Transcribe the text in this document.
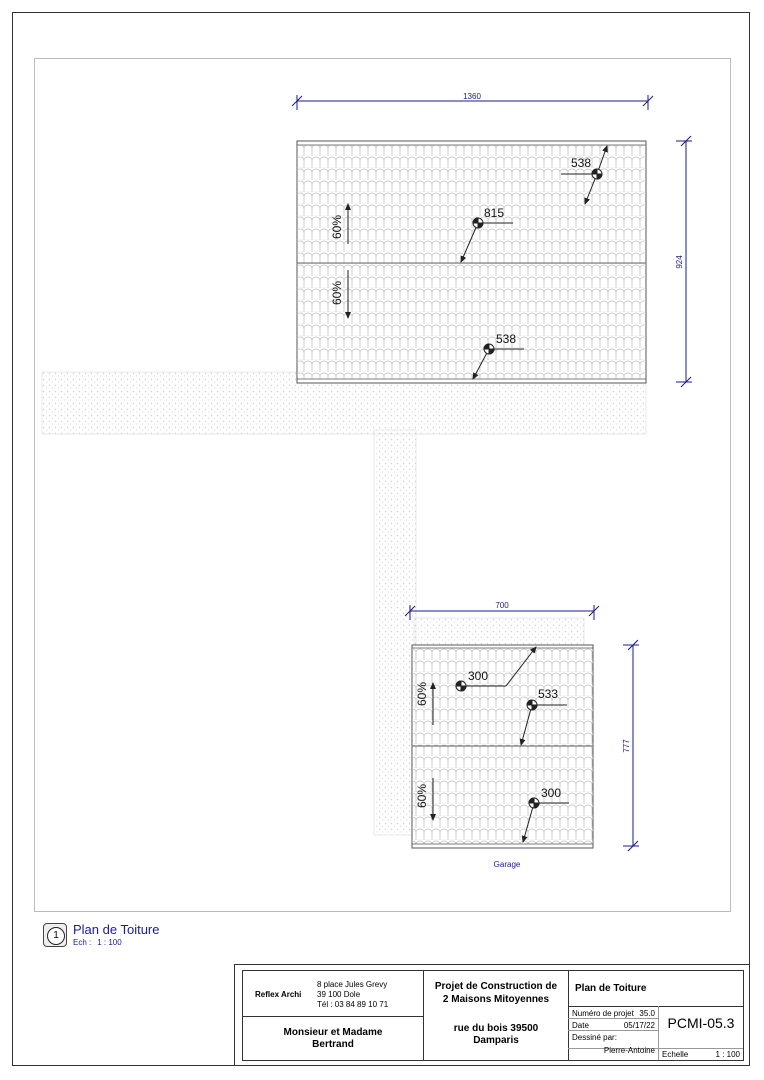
1360
924
700
777
60%
60%
60%
60%
538
815
538
300
533
300
Garage
1	Plan de Toiture
Ech : 1 : 100
Reflex Archi
8 place Jules Grevy
39 100 Dole
Tél : 03 84 89 10 71
Monsieur et Madame
Bertrand
Projet de Construction de
2 Maisons Mitoyennes
rue du bois 39500
Damparis
Plan de Toiture
Numéro de projet 35.0
Date	05/17/22
Dessiné par:
Pierre-Antoine
PCMI-05.3
Echelle	1 : 100
